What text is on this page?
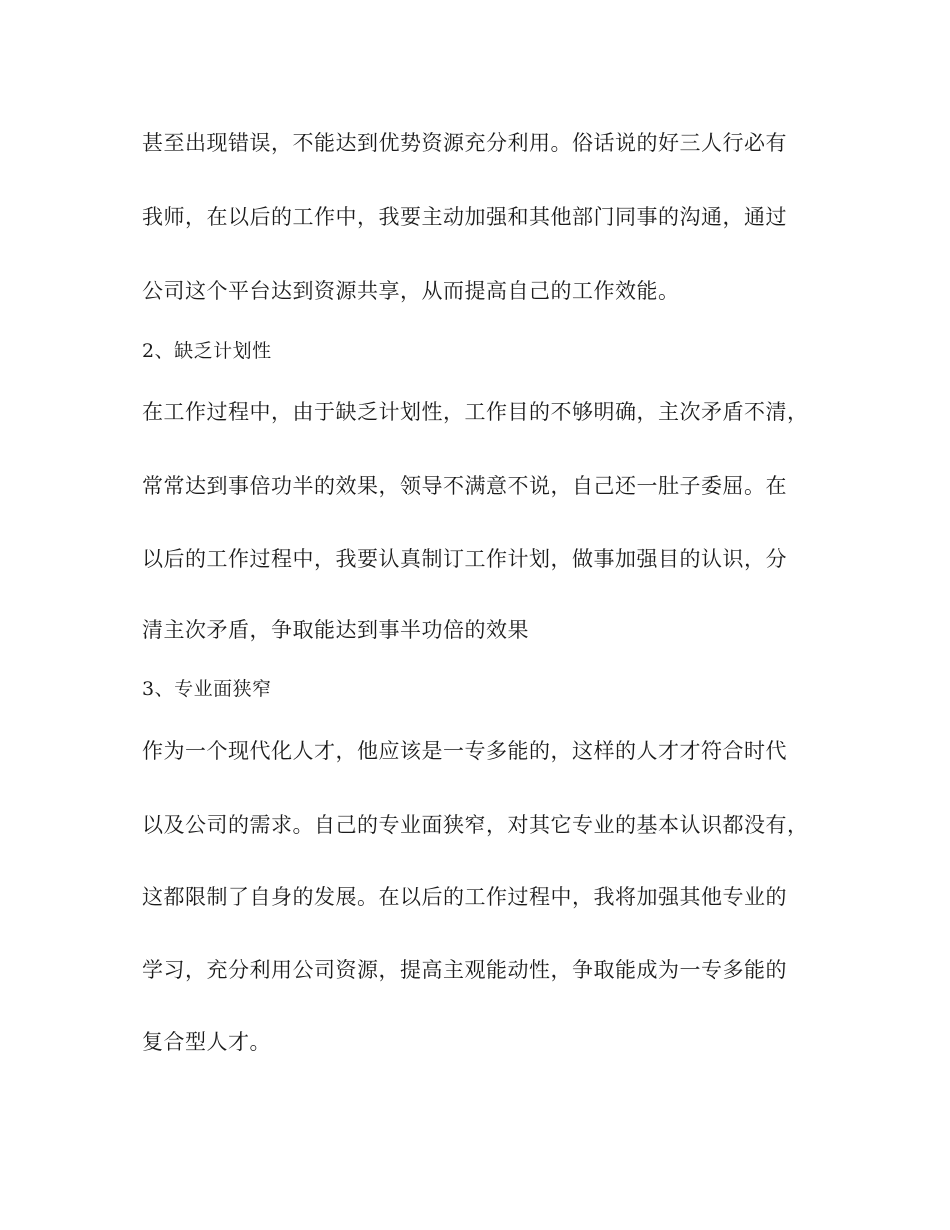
甚至出现错误，不能达到优势资源充分利用。俗话说的好三人行必有
我师，在以后的工作中，我要主动加强和其他部门同事的沟通，通过
公司这个平台达到资源共享，从而提高自己的工作效能。
2、缺乏计划性
在工作过程中，由于缺乏计划性，工作目的不够明确，主次矛盾不清，
常常达到事倍功半的效果，领导不满意不说，自己还一肚子委屈。在
以后的工作过程中，我要认真制订工作计划，做事加强目的认识，分
清主次矛盾，争取能达到事半功倍的效果
3、专业面狭窄
作为一个现代化人才，他应该是一专多能的，这样的人才才符合时代
以及公司的需求。自己的专业面狭窄，对其它专业的基本认识都没有，
这都限制了自身的发展。在以后的工作过程中，我将加强其他专业的
学习，充分利用公司资源，提高主观能动性，争取能成为一专多能的
复合型人才。
